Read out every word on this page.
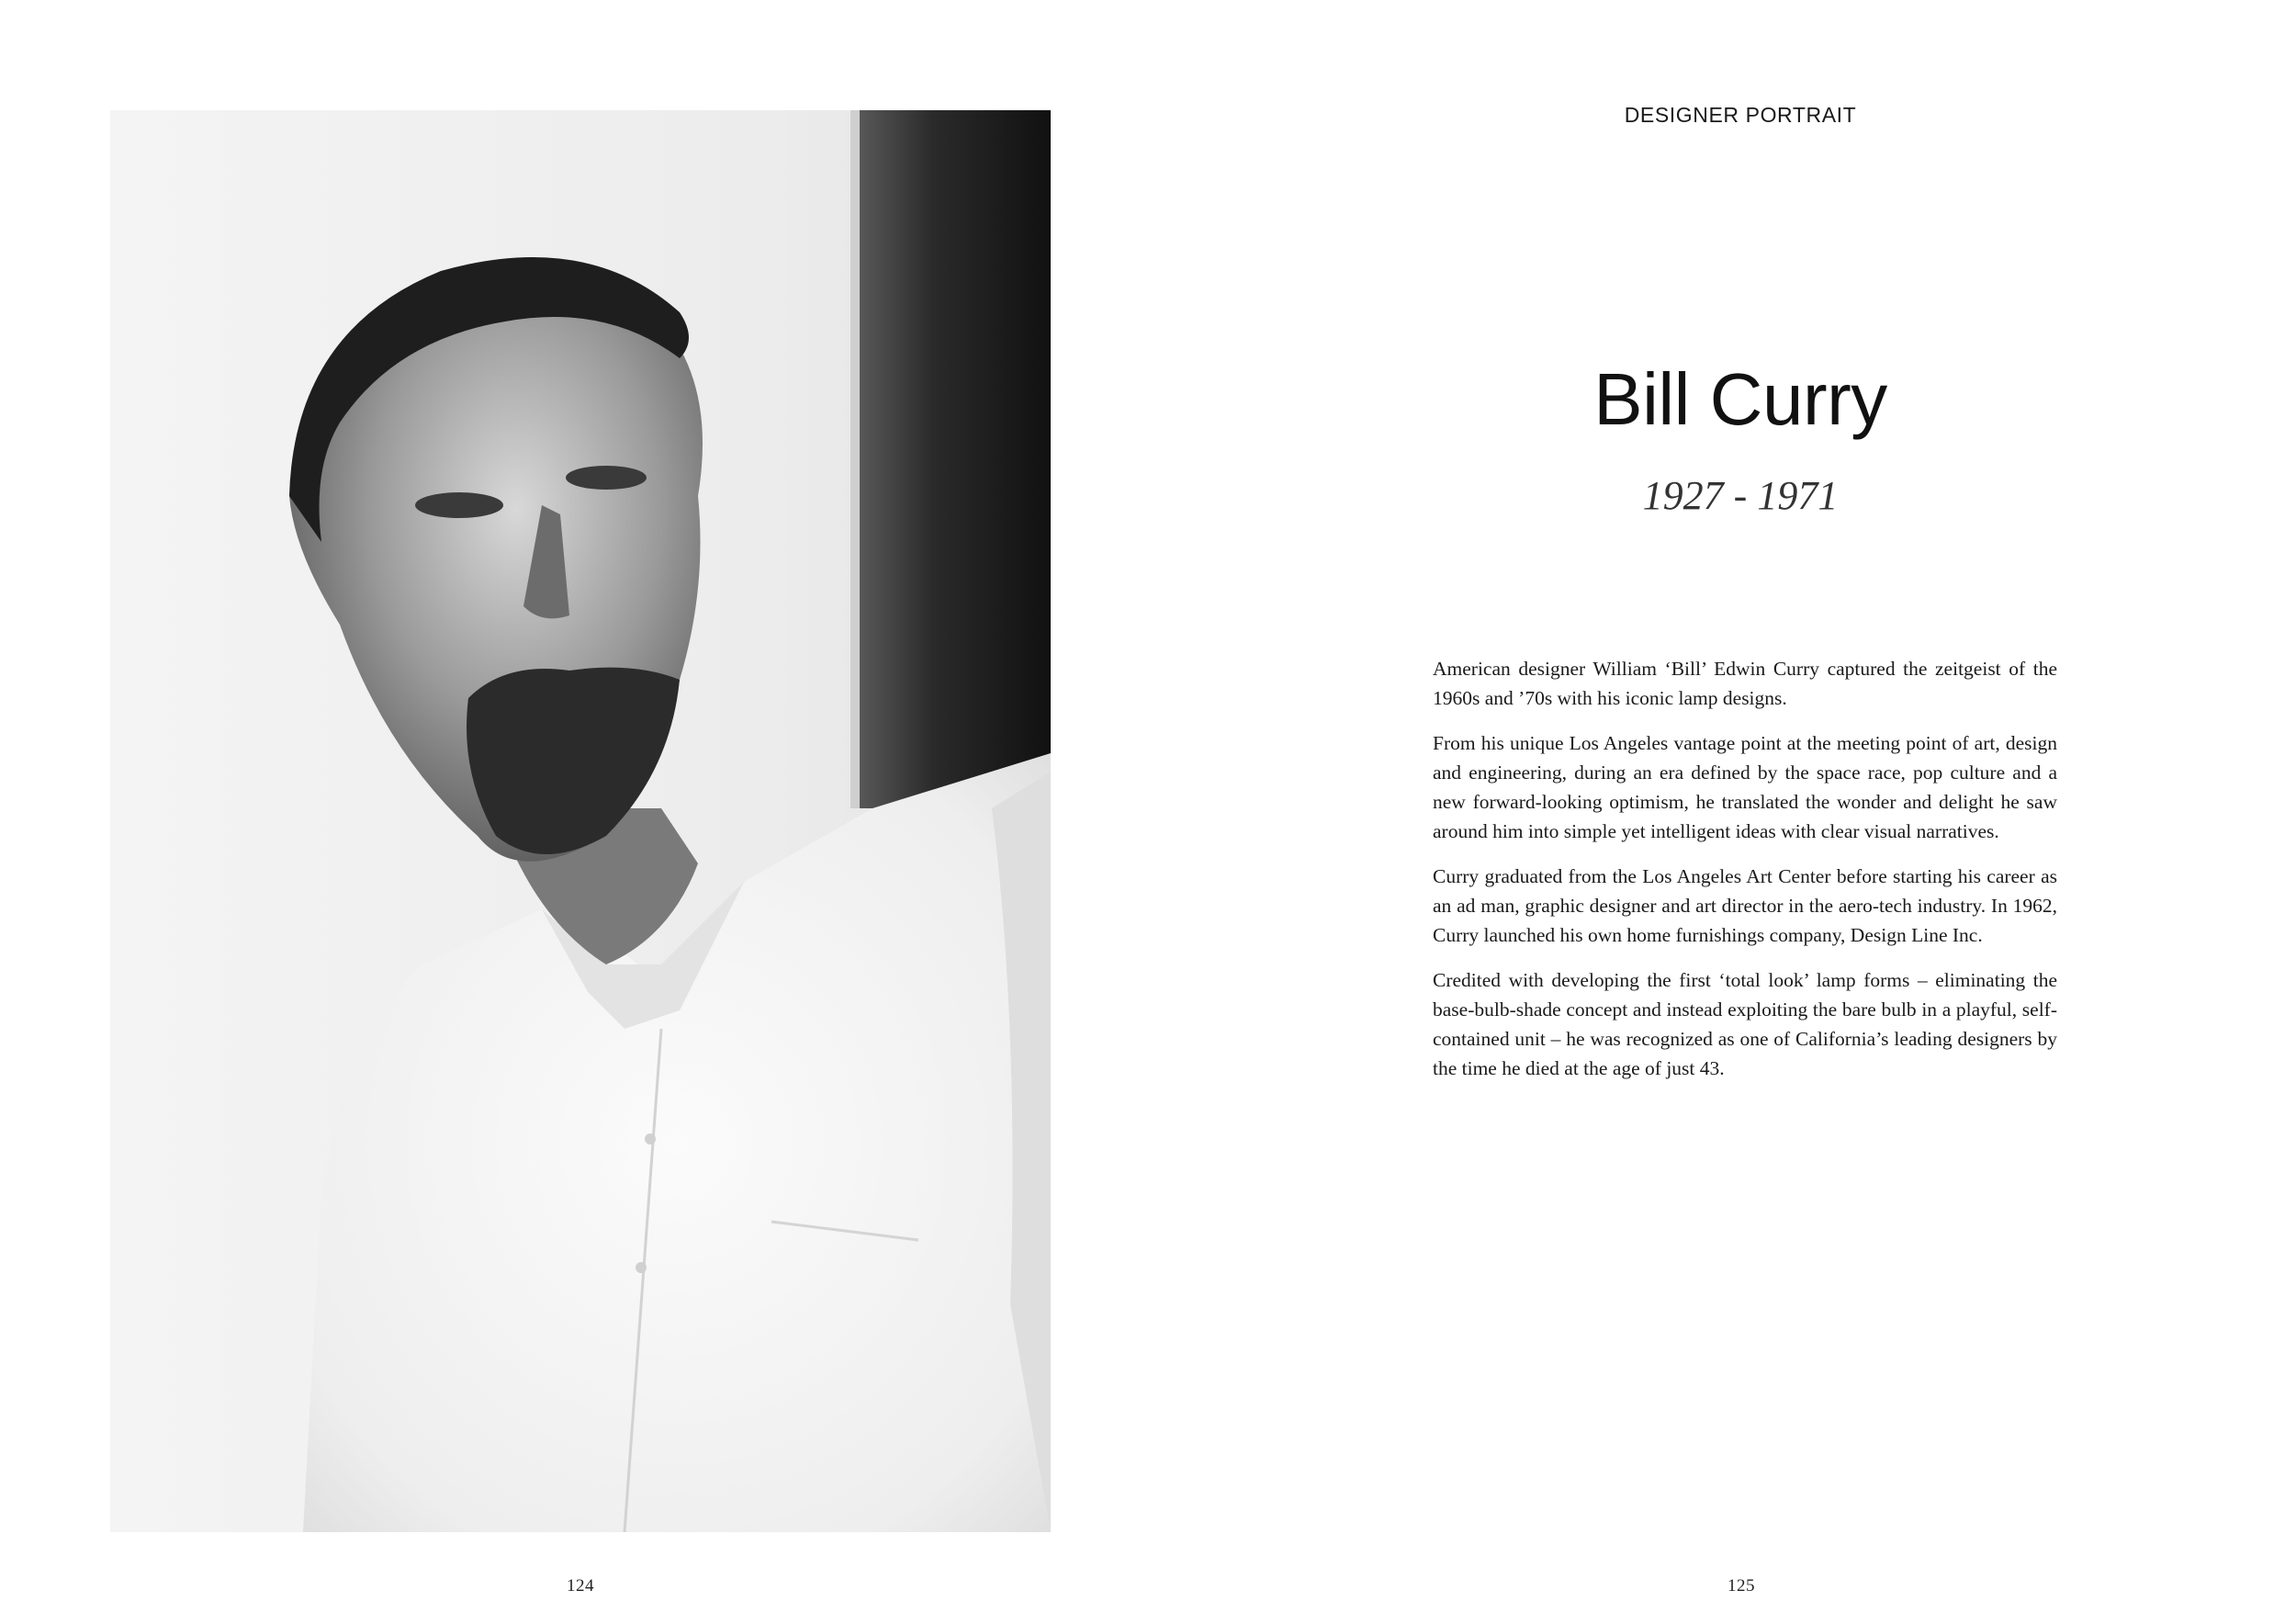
124
DESIGNER PORTRAIT
Bill Curry
1927 - 1971

American designer William ‘Bill’ Edwin Curry captured the zeitgeist of the 1960s and ’70s with his iconic lamp designs.

From his unique Los Angeles vantage point at the meeting point of art, design and engineering, during an era defined by the space race, pop culture and a new forward-looking optimism, he translated the wonder and delight he saw around him into simple yet intelligent ideas with clear visual narratives.

Curry graduated from the Los Angeles Art Center before starting his career as an ad man, graphic designer and art director in the aero-tech industry. In 1962, Curry launched his own home furnishings company, Design Line Inc.

Credited with developing the first ‘total look’ lamp forms – eliminating the base-bulb-shade concept and instead exploiting the bare bulb in a playful, self-contained unit – he was recognized as one of California’s leading designers by the time he died at the age of just 43.

125
